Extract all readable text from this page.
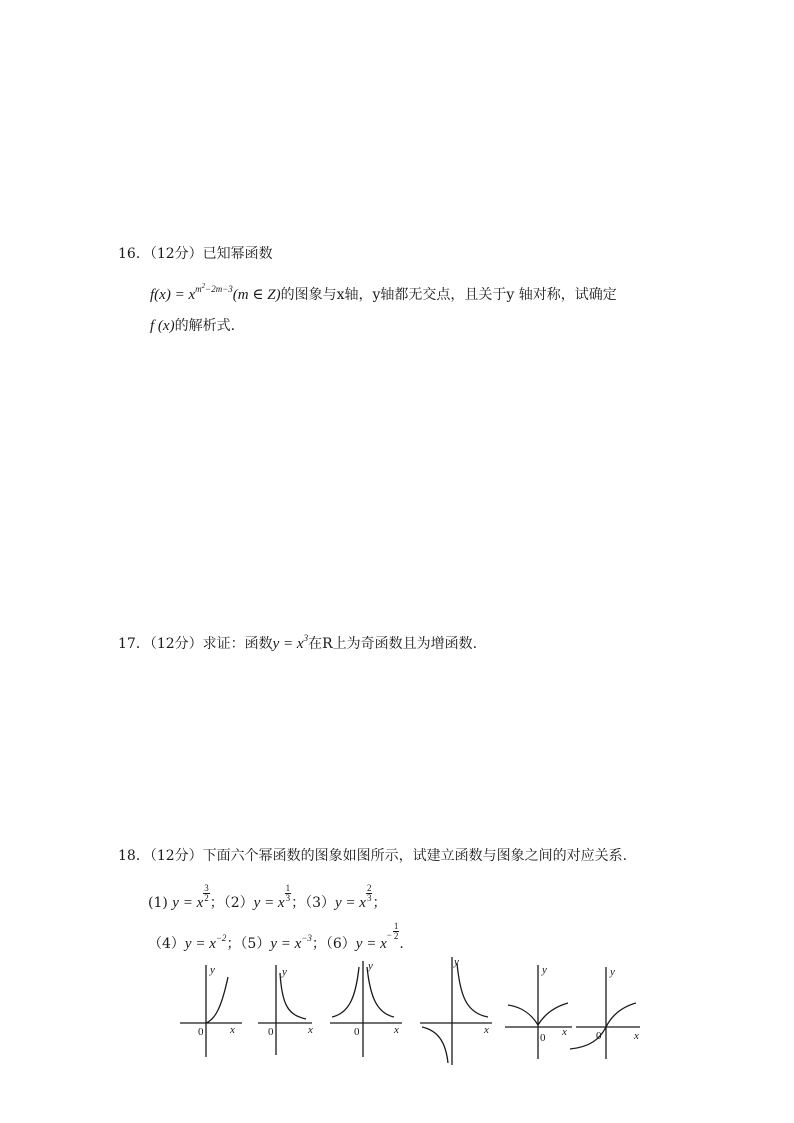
16．（12分）已知幂函数
$f(x) = x^{m^2-2m-3}(m$ ∈ Z)的图象与x轴，y轴都无交点，且关于y 轴对称，试确定
f (x)的解析式.
17．（12分）求证：函数$y = x^3$在R上为奇函数且为增函数.
18．（12分）下面六个幂函数的图象如图所示，试建立函数与图象之间的对应关系.
(1) y = x $\frac{3}{2}$ ；（2）y = x $\frac{1}{3}$ ；（3）y = x $\frac{2}{3}$ ；
$(4)y = x^{-2}$；$(5)y = x^{-3}$；$(6)y = x^- \frac{1}{2}$
.
y
x
0
y
x
0
y
x
0
y
x
y
x
0
y
x
0
